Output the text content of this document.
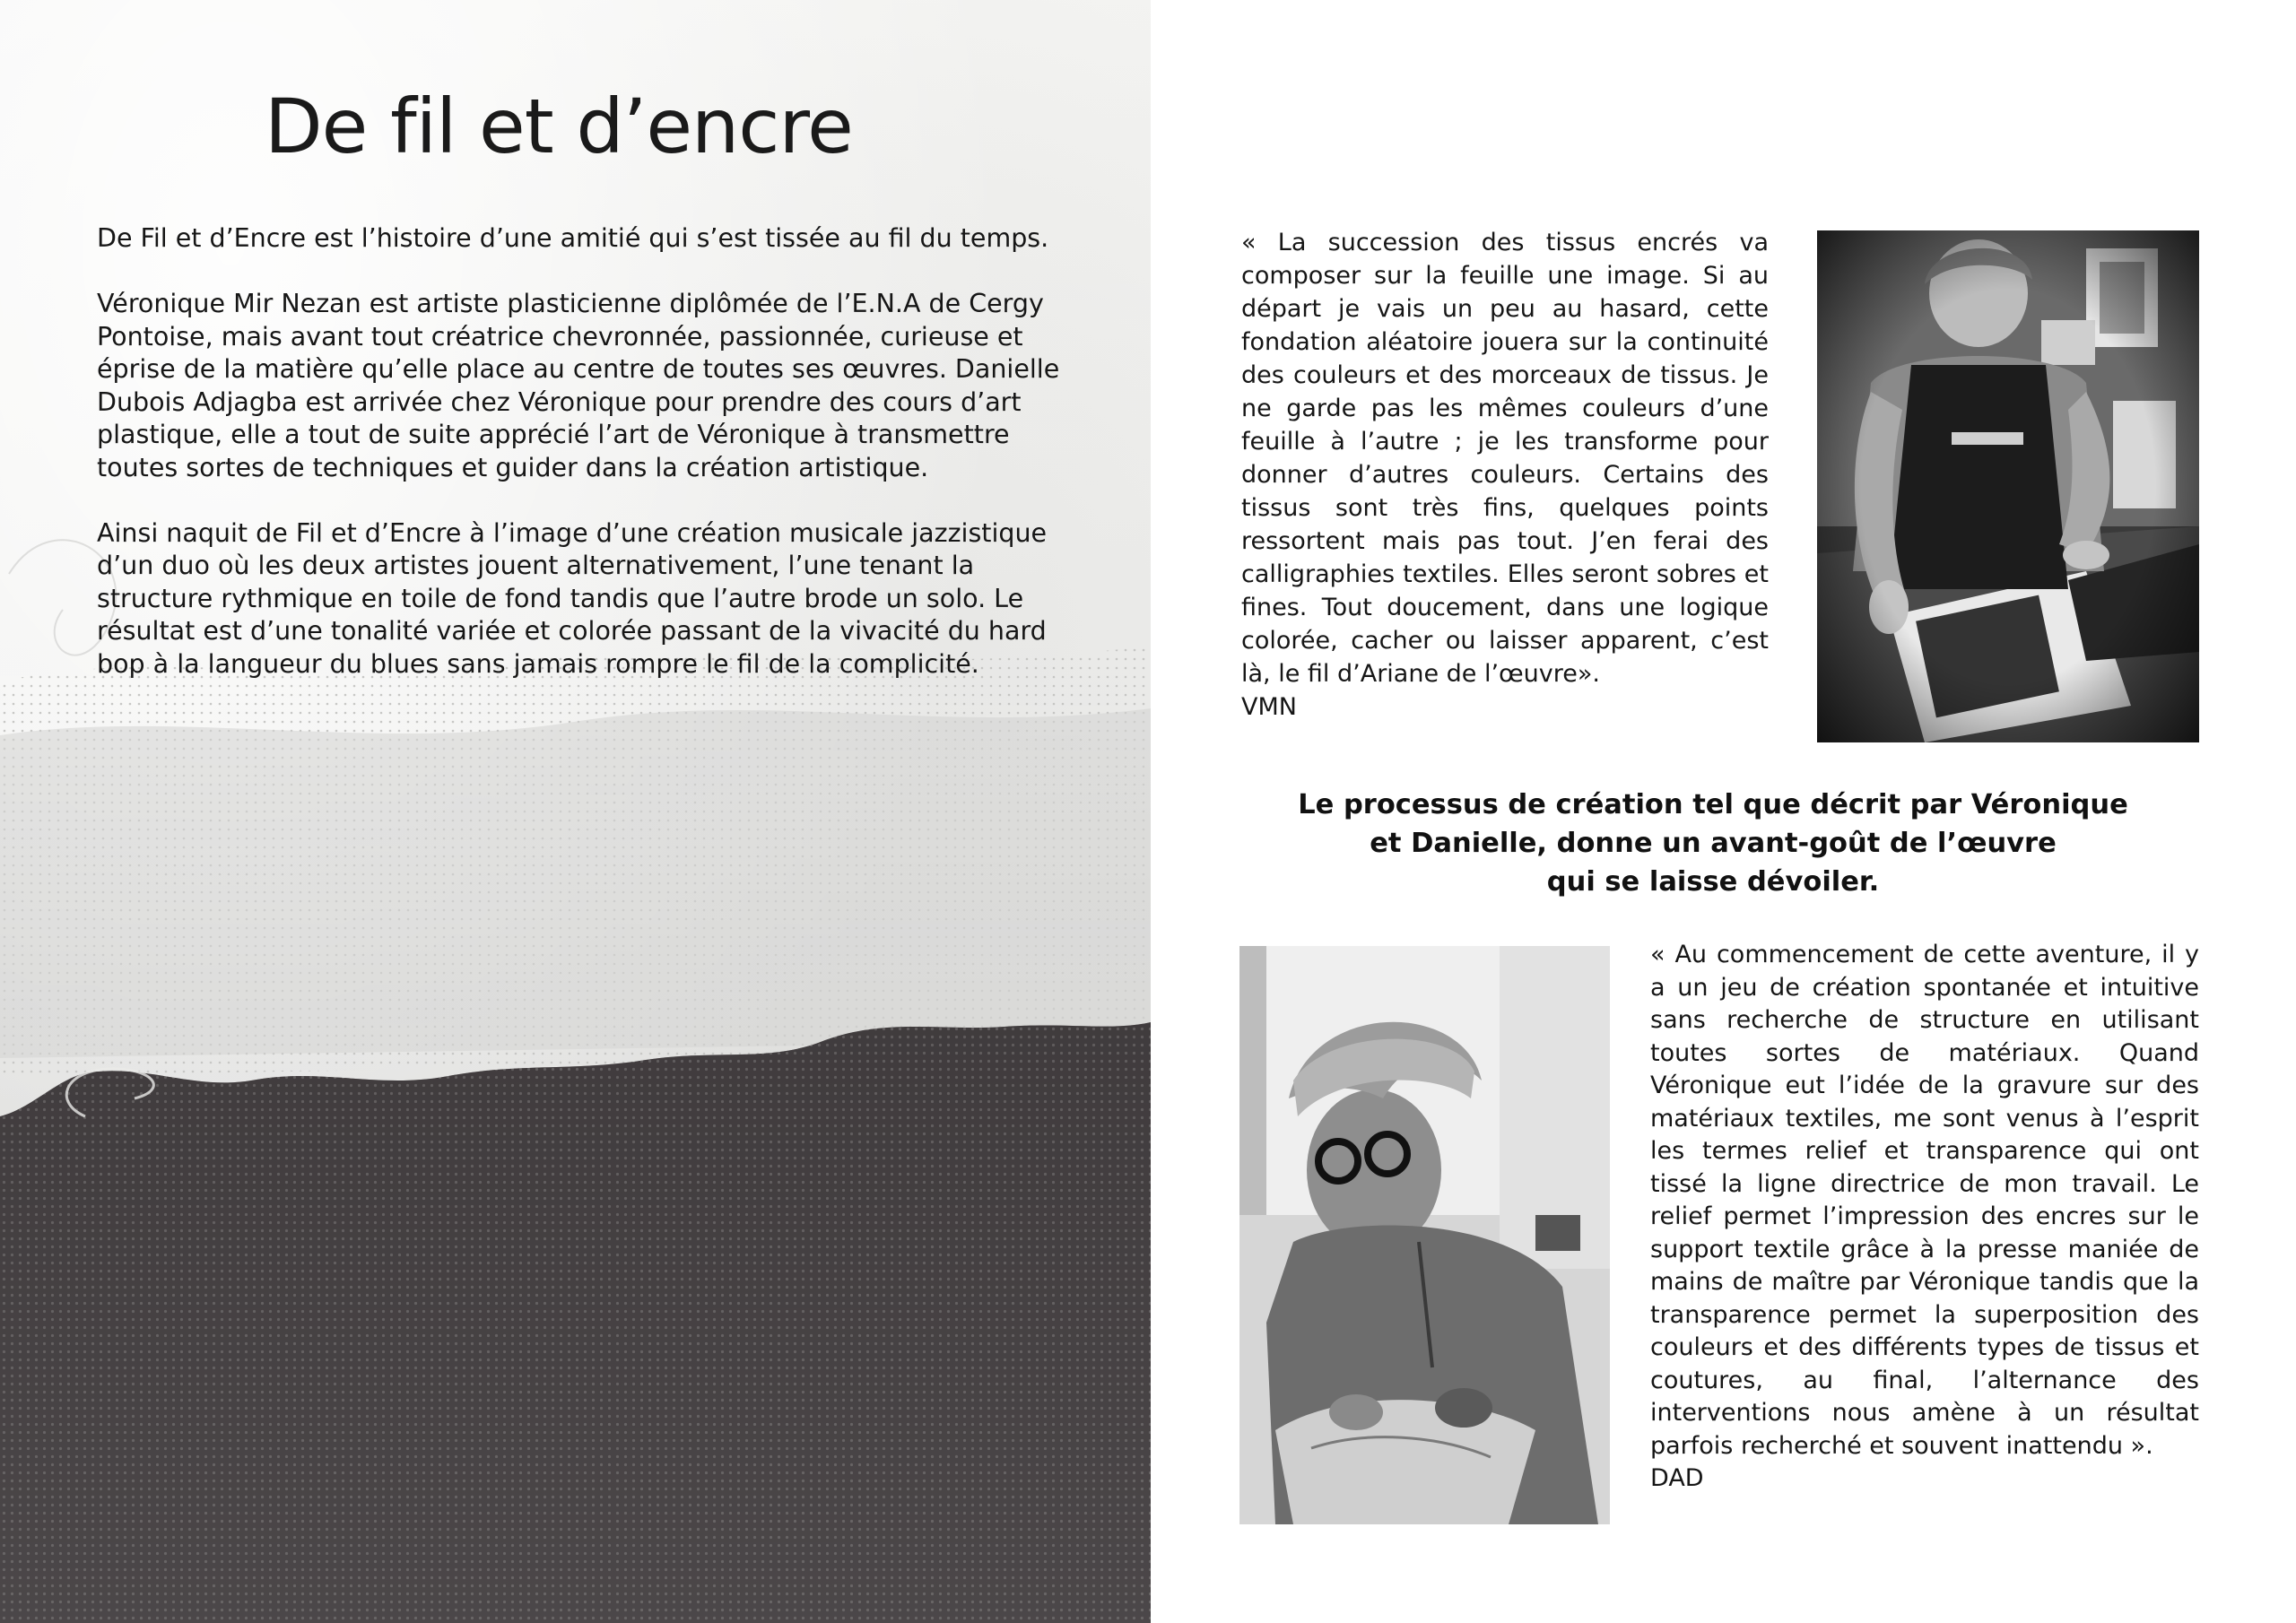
De fil et d’encre

De Fil et d’Encre est l’histoire d’une amitié qui s’est tissée au fil du temps.

Véronique Mir Nezan est artiste plasticienne diplômée de l’E.N.A de Cergy Pontoise, mais avant tout créatrice chevronnée, passionnée, curieuse et éprise de la matière qu’elle place au centre de toutes ses œuvres. Danielle Dubois Adjagba est arrivée chez Véronique pour prendre des cours d’art plastique, elle a tout de suite apprécié l’art de Véronique à transmettre toutes sortes de techniques et guider dans la création artistique.

Ainsi naquit de Fil et d’Encre à l’image d’une création musicale jazzistique d’un duo où les deux artistes jouent alternativement, l’une tenant la structure rythmique en toile de fond tandis que l’autre brode un solo. Le résultat est d’une tonalité variée et colorée passant de la vivacité du hard bop à la langueur du blues sans jamais rompre le fil de la complicité.

« La succession des tissus encrés va composer sur la feuille une image. Si au départ je vais un peu au hasard, cette fondation aléatoire jouera sur la continuité des couleurs et des morceaux de tissus. Je ne garde pas les mêmes couleurs d’une feuille à l’autre ; je les transforme pour donner d’autres couleurs. Certains des tissus sont très fins, quelques points ressortent mais pas tout. J’en ferai des calligraphies textiles. Elles seront sobres et fines. Tout doucement, dans une logique colorée, cacher ou laisser apparent, c’est là, le fil d’Ariane de l’œuvre».
VMN

Le processus de création tel que décrit par Véronique
et Danielle, donne un avant-goût de l’œuvre
qui se laisse dévoiler.

« Au commencement de cette aventure, il y a un jeu de création spontanée et intuitive sans recherche de structure en utilisant toutes sortes de matériaux. Quand Véronique eut l’idée de la gravure sur des matériaux textiles, me sont venus à l’esprit les termes relief et transparence qui ont tissé la ligne directrice de mon travail. Le relief permet l’impression des encres sur le support textile grâce à la presse maniée de mains de maître par Véronique tandis que la transparence permet la superposition des couleurs et des différents types de tissus et coutures, au final, l’alternance des interventions nous amène à un résultat parfois recherché et souvent inattendu ».
DAD
